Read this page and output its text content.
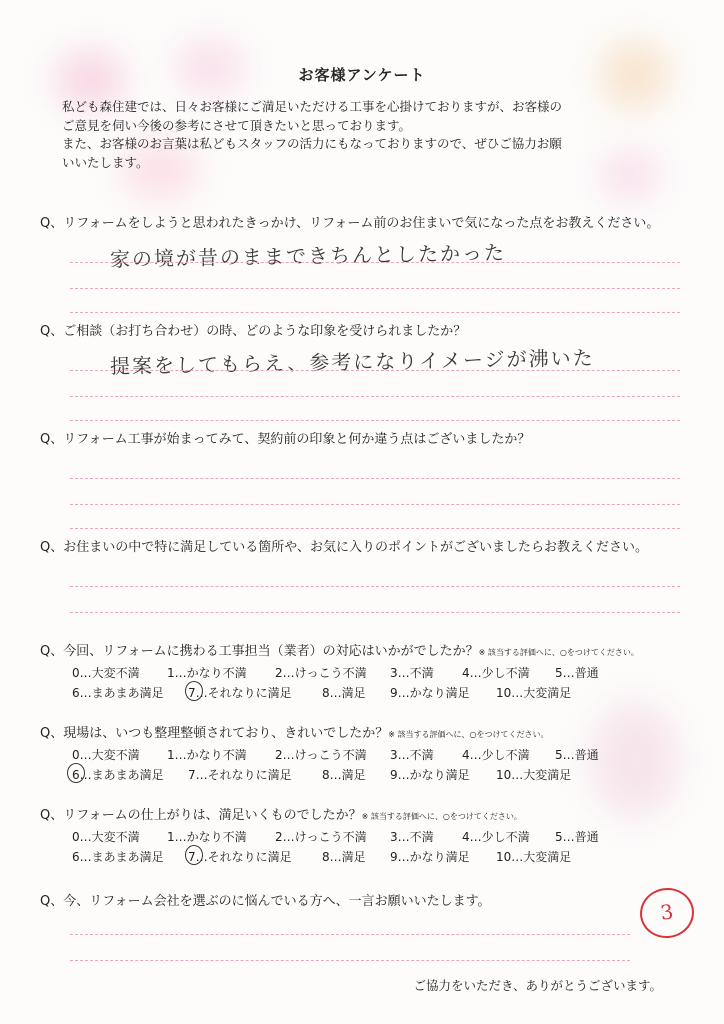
お客様アンケート
私ども森住建では、日々お客様にご満足いただける工事を心掛けておりますが、お客様の
ご意見を伺い今後の参考にさせて頂きたいと思っております。
また、お客様のお言葉は私どもスタッフの活力にもなっておりますので、ぜひご協力お願
いいたします。
Q、リフォームをしようと思われたきっかけ、リフォーム前のお住まいで気になった点をお教えください。
家の境が昔のままできちんとしたかった
Q、ご相談（お打ち合わせ）の時、どのような印象を受けられましたか？
提案をしてもらえ、参考になりイメージが沸いた
Q、リフォーム工事が始まってみて、契約前の印象と何か違う点はございましたか？
Q、お住まいの中で特に満足している箇所や、お気に入りのポイントがございましたらお教えください。
Q、今回、リフォームに携わる工事担当（業者）の対応はいかがでしたか？※ 該当する評価へに、○をつけてください。
0…大変不満 1…かなり不満 2…けっこう不満 3…不満 4…少し不満 5…普通
6…まあまあ満足 7…それなりに満足	8…満足 9…かなり満足 10…大変満足
Q、現場は、いつも整理整頓されており、きれいでしたか？※ 該当する評価へに、○をつけてください。
0…大変不満 1…かなり不満 2…けっこう不満 3…不満 4…少し不満 5…普通
6…まあまあ満足 7…それなりに満足	8…満足 9…かなり満足 10…大変満足
Q、リフォームの仕上がりは、満足いくものでしたか？※ 該当する評価へに、○をつけてください。
0…大変不満 1…かなり不満 2…けっこう不満 3…不満 4…少し不満 5…普通
6…まあまあ満足 7…それなりに満足	8…満足 9…かなり満足 10…大変満足
Q、今、リフォーム会社を選ぶのに悩んでいる方へ、一言お願いいたします。	3
ご協力をいただき、ありがとうございます。
